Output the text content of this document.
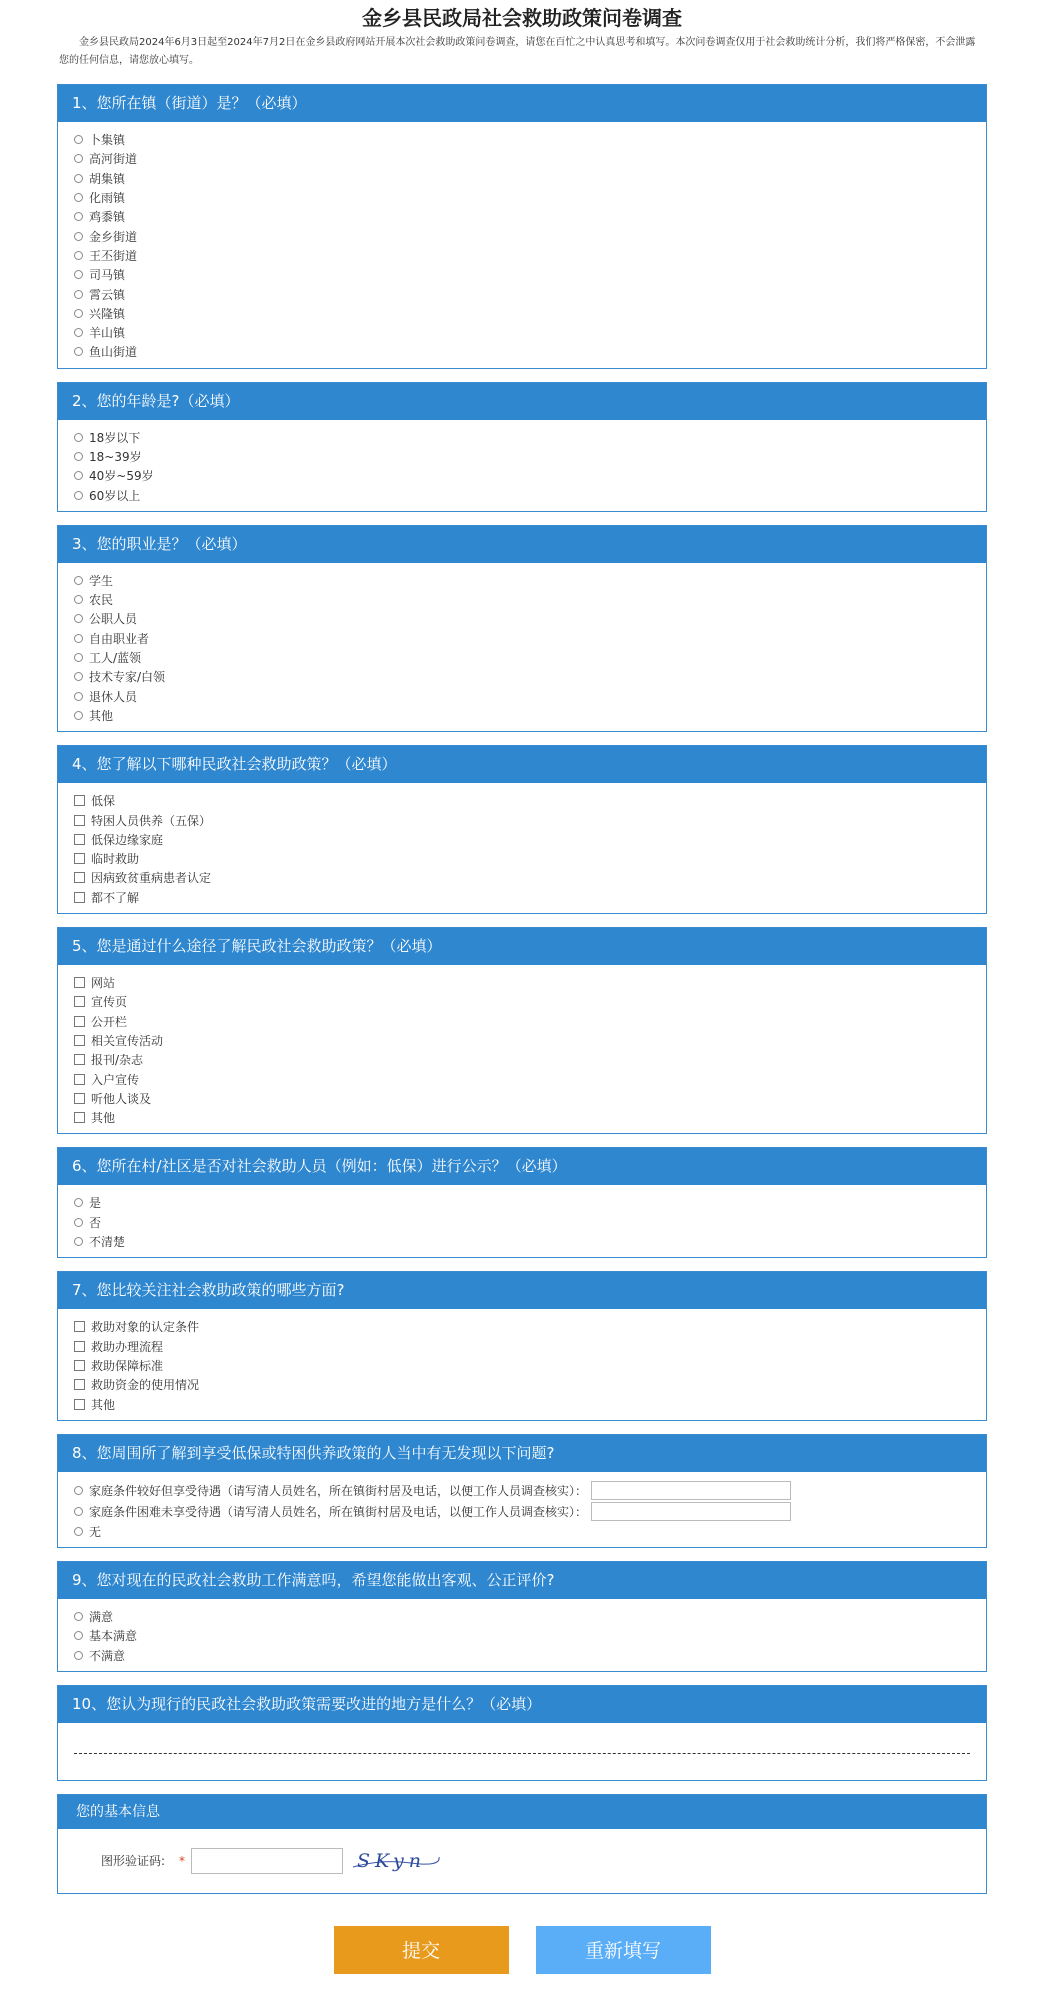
金乡县民政局社会救助政策问卷调查
金乡县民政局2024年6月3日起至2024年7月2日在金乡县政府网站开展本次社会救助政策问卷调查，请您在百忙之中认真思考和填写。本次问卷调查仅用于社会救助统计分析，我们将严格保密，不会泄露您的任何信息，请您放心填写。
1、您所在镇（街道）是？（必填）
卜集镇
高河街道
胡集镇
化雨镇
鸡黍镇
金乡街道
王丕街道
司马镇
霄云镇
兴隆镇
羊山镇
鱼山街道
2、您的年龄是?（必填）
18岁以下
18~39岁
40岁~59岁
60岁以上
3、您的职业是？（必填）
学生
农民
公职人员
自由职业者
工人/蓝领
技术专家/白领
退休人员
其他
4、您了解以下哪种民政社会救助政策？（必填）
低保
特困人员供养（五保）
低保边缘家庭
临时救助
因病致贫重病患者认定
都不了解
5、您是通过什么途径了解民政社会救助政策？（必填）
网站
宣传页
公开栏
相关宣传活动
报刊/杂志
入户宣传
听他人谈及
其他
6、您所在村/社区是否对社会救助人员（例如：低保）进行公示？（必填）
是
否
不清楚
7、您比较关注社会救助政策的哪些方面?
救助对象的认定条件
救助办理流程
救助保障标准
救助资金的使用情况
其他
8、您周围所了解到享受低保或特困供养政策的人当中有无发现以下问题?
家庭条件较好但享受待遇（请写清人员姓名，所在镇街村居及电话，以便工作人员调查核实）：
家庭条件困难未享受待遇（请写清人员姓名，所在镇街村居及电话，以便工作人员调查核实）：
无
9、您对现在的民政社会救助工作满意吗，希望您能做出客观、公正评价?
满意
基本满意
不满意
10、您认为现行的民政社会救助政策需要改进的地方是什么？（必填）
您的基本信息
图形验证码: *	SKyn
提交	重新填写
